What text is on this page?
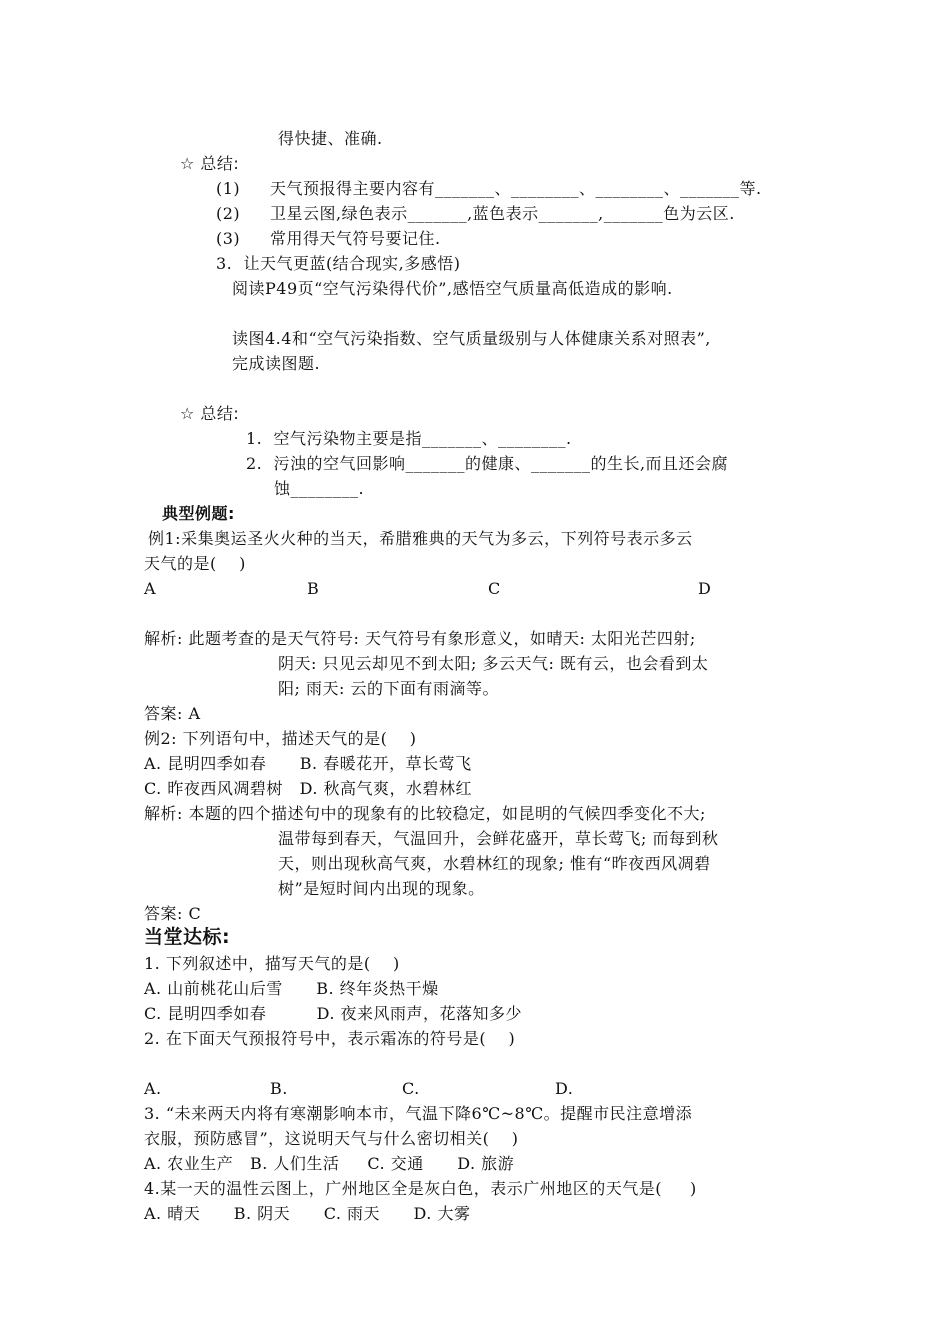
得快捷、准确.
☆ 总结:
(1) 天气预报得主要内容有_______、________、________、_______等.
(2) 卫星云图,绿色表示_______,蓝色表示_______,_______色为云区.
(3) 常用得天气符号要记住.
3.  让天气更蓝(结合现实,多感悟)
阅读P49页“空气污染得代价”,感悟空气质量高低造成的影响.
读图4.4和“空气污染指数、空气质量级别与人体健康关系对照表”,
完成读图题.
☆ 总结:
1.  空气污染物主要是指_______、________.
2.  污浊的空气回影响_______的健康、_______的生长,而且还会腐
蚀________.
典型例题:
例1:采集奥运圣火火种的当天，希腊雅典的天气为多云，下列符号表示多云
天气的是(    )
A	B	C	D
解析: 此题考查的是天气符号: 天气符号有象形意义，如晴天: 太阳光芒四射;
阴天: 只见云却见不到太阳; 多云天气: 既有云，也会看到太
阳; 雨天: 云的下面有雨滴等。
答案: A
例2: 下列语句中，描述天气的是(    )
A. 昆明四季如春      B. 春暖花开，草长莺飞
C. 昨夜西风凋碧树   D. 秋高气爽，水碧林红
解析: 本题的四个描述句中的现象有的比较稳定，如昆明的气候四季变化不大;
温带每到春天，气温回升，会鲜花盛开，草长莺飞; 而每到秋
天，则出现秋高气爽，水碧林红的现象; 惟有“昨夜西风凋碧
树”是短时间内出现的现象。
答案: C
当堂达标:
1. 下列叙述中，描写天气的是(    )
A. 山前桃花山后雪      B. 终年炎热干燥
C. 昆明四季如春         D. 夜来风雨声，花落知多少
2. 在下面天气预报符号中，表示霜冻的符号是(    )
A.	B.	C.	D.
3. “未来两天内将有寒潮影响本市，气温下降6℃~8℃。提醒市民注意增添
衣服，预防感冒”，这说明天气与什么密切相关(    )
A. 农业生产   B. 人们生活     C. 交通      D. 旅游
4.某一天的温性云图上，广州地区全是灰白色，表示广州地区的天气是(     )
A. 晴天      B. 阴天      C. 雨天      D. 大雾
